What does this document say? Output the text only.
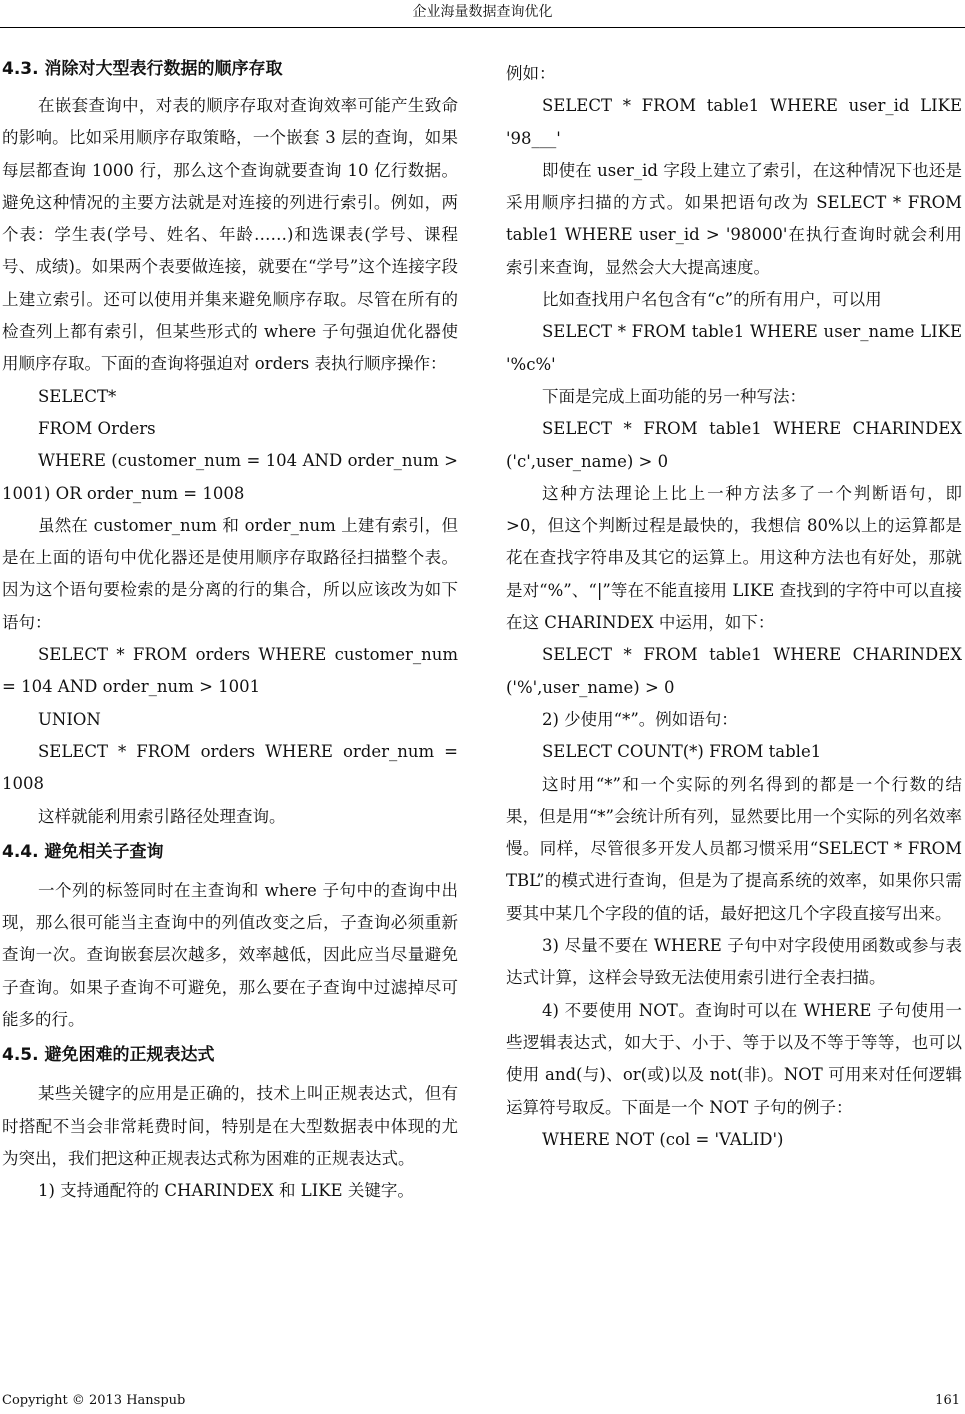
企业海量数据查询优化
4.3. 消除对大型表行数据的顺序存取

在嵌套查询中，对表的顺序存取对查询效率可能产生致命的影响。比如采用顺序存取策略，一个嵌套 3 层的查询，如果每层都查询 1000 行，那么这个查询就要查询 10 亿行数据。避免这种情况的主要方法就是对连接的列进行索引。例如，两个表：学生表(学号、姓名、年龄……)和选课表(学号、课程号、成绩)。如果两个表要做连接，就要在“学号”这个连接字段上建立索引。还可以使用并集来避免顺序存取。尽管在所有的检查列上都有索引，但某些形式的 where 子句强迫优化器使用顺序存取。下面的查询将强迫对 orders 表执行顺序操作：

SELECT*

FROM Orders

WHERE (customer_num = 104 AND order_num > 1001) OR order_num = 1008

虽然在 customer_num 和 order_num 上建有索引，但是在上面的语句中优化器还是使用顺序存取路径扫描整个表。因为这个语句要检索的是分离的行的集合，所以应该改为如下语句：

SELECT * FROM orders WHERE customer_num = 104 AND order_num > 1001

UNION

SELECT * FROM orders WHERE order_num = 1008

这样就能利用索引路径处理查询。

4.4. 避免相关子查询

一个列的标签同时在主查询和 where 子句中的查询中出现，那么很可能当主查询中的列值改变之后，子查询必须重新查询一次。查询嵌套层次越多，效率越低，因此应当尽量避免子查询。如果子查询不可避免，那么要在子查询中过滤掉尽可能多的行。

4.5. 避免困难的正规表达式

某些关键字的应用是正确的，技术上叫正规表达式，但有时搭配不当会非常耗费时间，特别是在大型数据表中体现的尤为突出，我们把这种正规表达式称为困难的正规表达式。

1) 支持通配符的 CHARINDEX 和 LIKE 关键字。

例如：

SELECT * FROM table1 WHERE user_id LIKE '98___'

即使在 user_id 字段上建立了索引，在这种情况下也还是采用顺序扫描的方式。如果把语句改为 SELECT * FROM table1 WHERE user_id > '98000'在执行查询时就会利用索引来查询，显然会大大提高速度。

比如查找用户名包含有“c”的所有用户，可以用

SELECT * FROM table1 WHERE user_name LIKE '%c%'

下面是完成上面功能的另一种写法：

SELECT * FROM table1 WHERE CHARINDEX ('c',user_name) > 0

这种方法理论上比上一种方法多了一个判断语句，即>0，但这个判断过程是最快的，我想信 80%以上的运算都是花在查找字符串及其它的运算上。用这种方法也有好处，那就是对“%”、“|”等在不能直接用 LIKE 查找到的字符中可以直接在这 CHARINDEX 中运用，如下：

SELECT * FROM table1 WHERE CHARINDEX ('%',user_name) > 0

2) 少使用“*”。例如语句：

SELECT COUNT(*) FROM table1

这时用“*”和一个实际的列名得到的都是一个行数的结果，但是用“*”会统计所有列，显然要比用一个实际的列名效率慢。同样，尽管很多开发人员都习惯采用“SELECT * FROM TBL”的模式进行查询，但是为了提高系统的效率，如果你只需要其中某几个字段的值的话，最好把这几个字段直接写出来。

3) 尽量不要在 WHERE 子句中对字段使用函数或参与表达式计算，这样会导致无法使用索引进行全表扫描。

4) 不要使用 NOT。查询时可以在 WHERE 子句使用一些逻辑表达式，如大于、小于、等于以及不等于等等，也可以使用 and(与)、or(或)以及 not(非)。NOT 可用来对任何逻辑运算符号取反。下面是一个 NOT 子句的例子：

WHERE NOT (col = 'VALID')

Copyright © 2013 Hanspub	161
